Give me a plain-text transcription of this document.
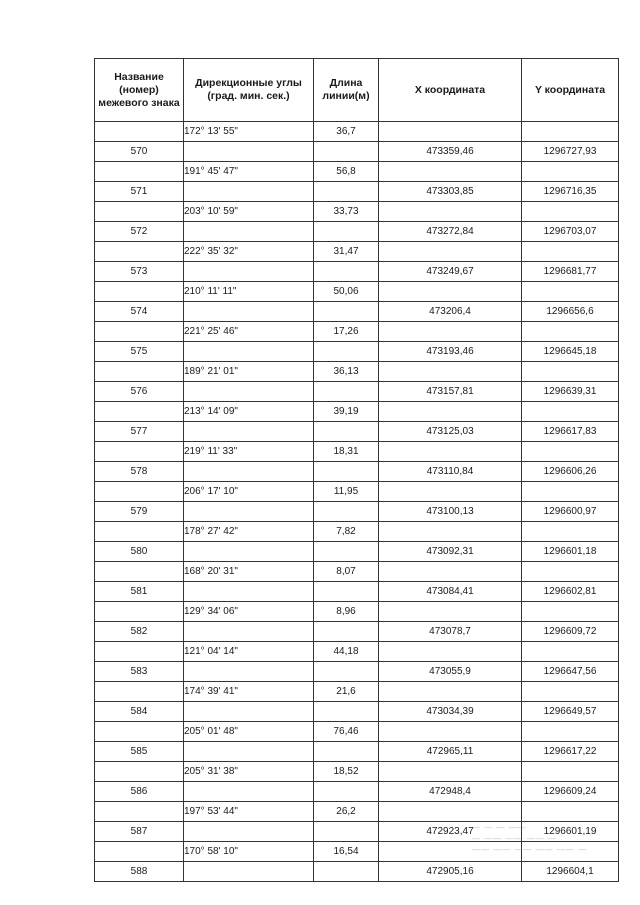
Название (номер) межевого знака	Дирекционные углы (град. мин. сек.)	Длина линии(м)	X координата	Y координата
	172° 13' 55"	36,7		
570			473359,46	1296727,93
	191° 45' 47"	56,8		
571			473303,85	1296716,35
	203° 10' 59"	33,73		
572			473272,84	1296703,07
	222° 35' 32"	31,47		
573			473249,67	1296681,77
	210° 11' 11"	50,06		
574			473206,4	1296656,6
	221° 25' 46"	17,26		
575			473193,46	1296645,18
	189° 21' 01"	36,13		
576			473157,81	1296639,31
	213° 14' 09"	39,19		
577			473125,03	1296617,83
	219° 11' 33"	18,31		
578			473110,84	1296606,26
	206° 17' 10"	11,95		
579			473100,13	1296600,97
	178° 27' 42"	7,82		
580			473092,31	1296601,18
	168° 20' 31"	8,07		
581			473084,41	1296602,81
	129° 34' 06"	8,96		
582			473078,7	1296609,72
	121° 04' 14"	44,18		
583			473055,9	1296647,56
	174° 39' 41"	21,6		
584			473034,39	1296649,57
	205° 01' 48"	76,46		
585			472965,11	1296617,22
	205° 31' 38"	18,52		
586			472948,4	1296609,24
	197° 53' 44"	26,2		
587			472923,47	1296601,19
	170° 58' 10"	16,54		
588			472905,16	1296604,1
— — — ——
— —— —— —— —
—— —— —— —— —— —
